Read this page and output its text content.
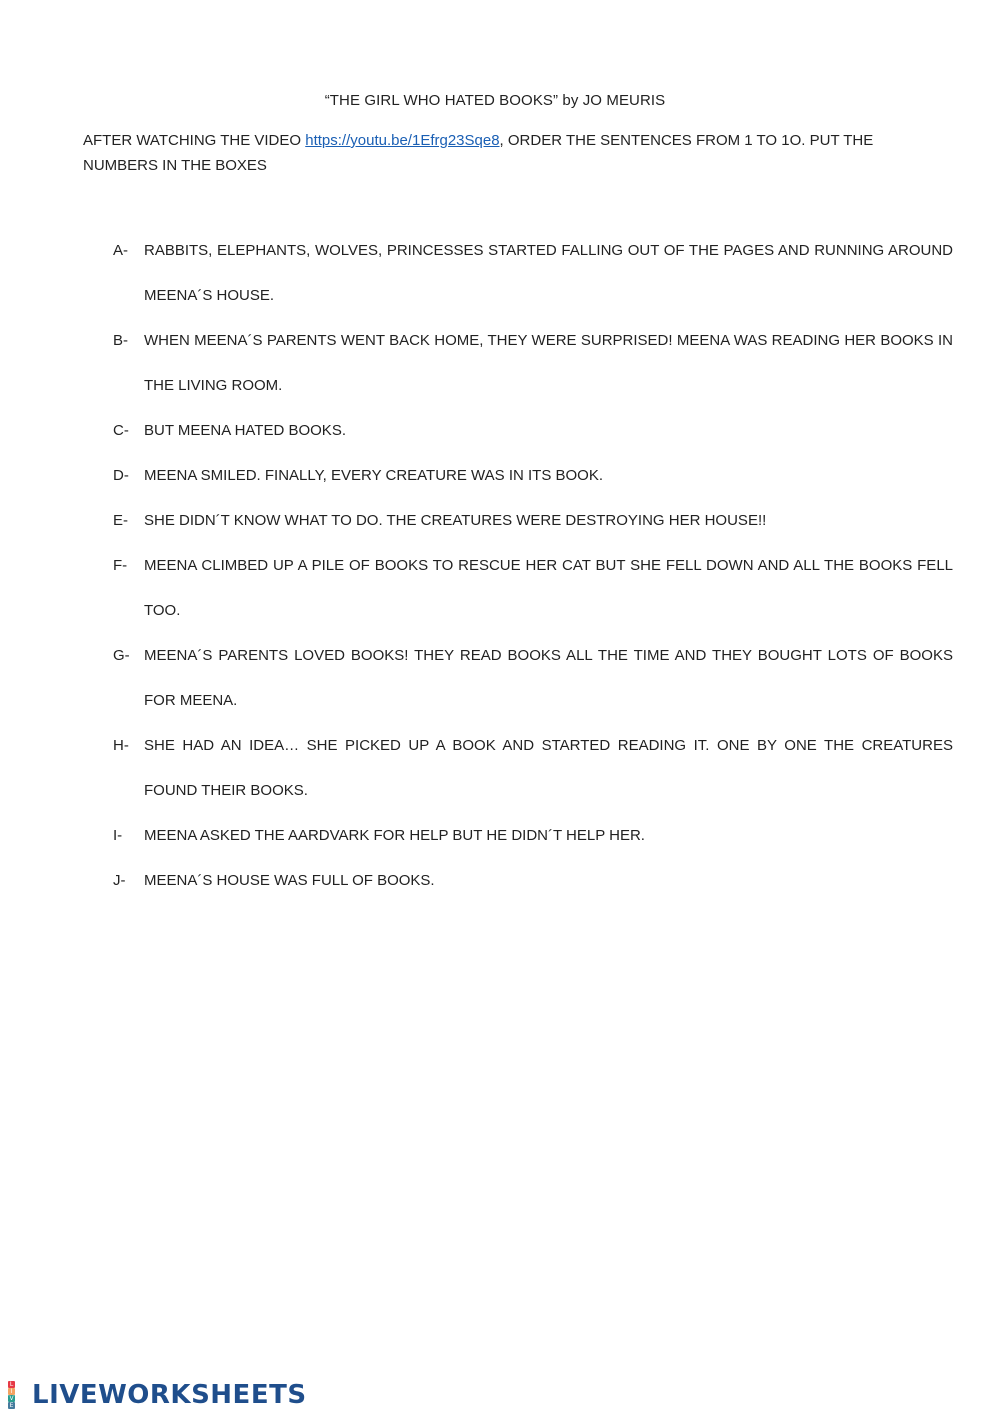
“THE GIRL WHO HATED BOOKS” by JO MEURIS
AFTER WATCHING THE VIDEO https://youtu.be/1Efrg23Sqe8, ORDER THE SENTENCES FROM 1 TO 1O. PUT THE NUMBERS IN THE BOXES
A-	RABBITS, ELEPHANTS, WOLVES, PRINCESSES STARTED FALLING OUT OF THE PAGES AND RUNNING AROUND MEENA´S HOUSE.
B-	WHEN MEENA´S PARENTS WENT BACK HOME, THEY WERE SURPRISED! MEENA WAS READING HER BOOKS IN THE LIVING ROOM.
C-	BUT MEENA HATED BOOKS.
D-	MEENA SMILED. FINALLY, EVERY CREATURE WAS IN ITS BOOK.
E-	SHE DIDN´T KNOW WHAT TO DO. THE CREATURES WERE DESTROYING HER HOUSE!!
F-	MEENA CLIMBED UP A PILE OF BOOKS TO RESCUE HER CAT BUT SHE FELL DOWN AND ALL THE BOOKS FELL TOO.
G- MEENA´S PARENTS LOVED BOOKS! THEY READ BOOKS ALL THE TIME AND THEY BOUGHT LOTS OF BOOKS FOR MEENA.
H-	SHE HAD AN IDEA… SHE PICKED UP A BOOK AND STARTED READING IT. ONE BY ONE THE CREATURES FOUND THEIR BOOKS.
I-	MEENA ASKED THE AARDVARK FOR HELP BUT HE DIDN´T HELP HER.
J-	MEENA´S HOUSE WAS FULL OF BOOKS.
L
I
V
E LIVEWORKSHEETS
